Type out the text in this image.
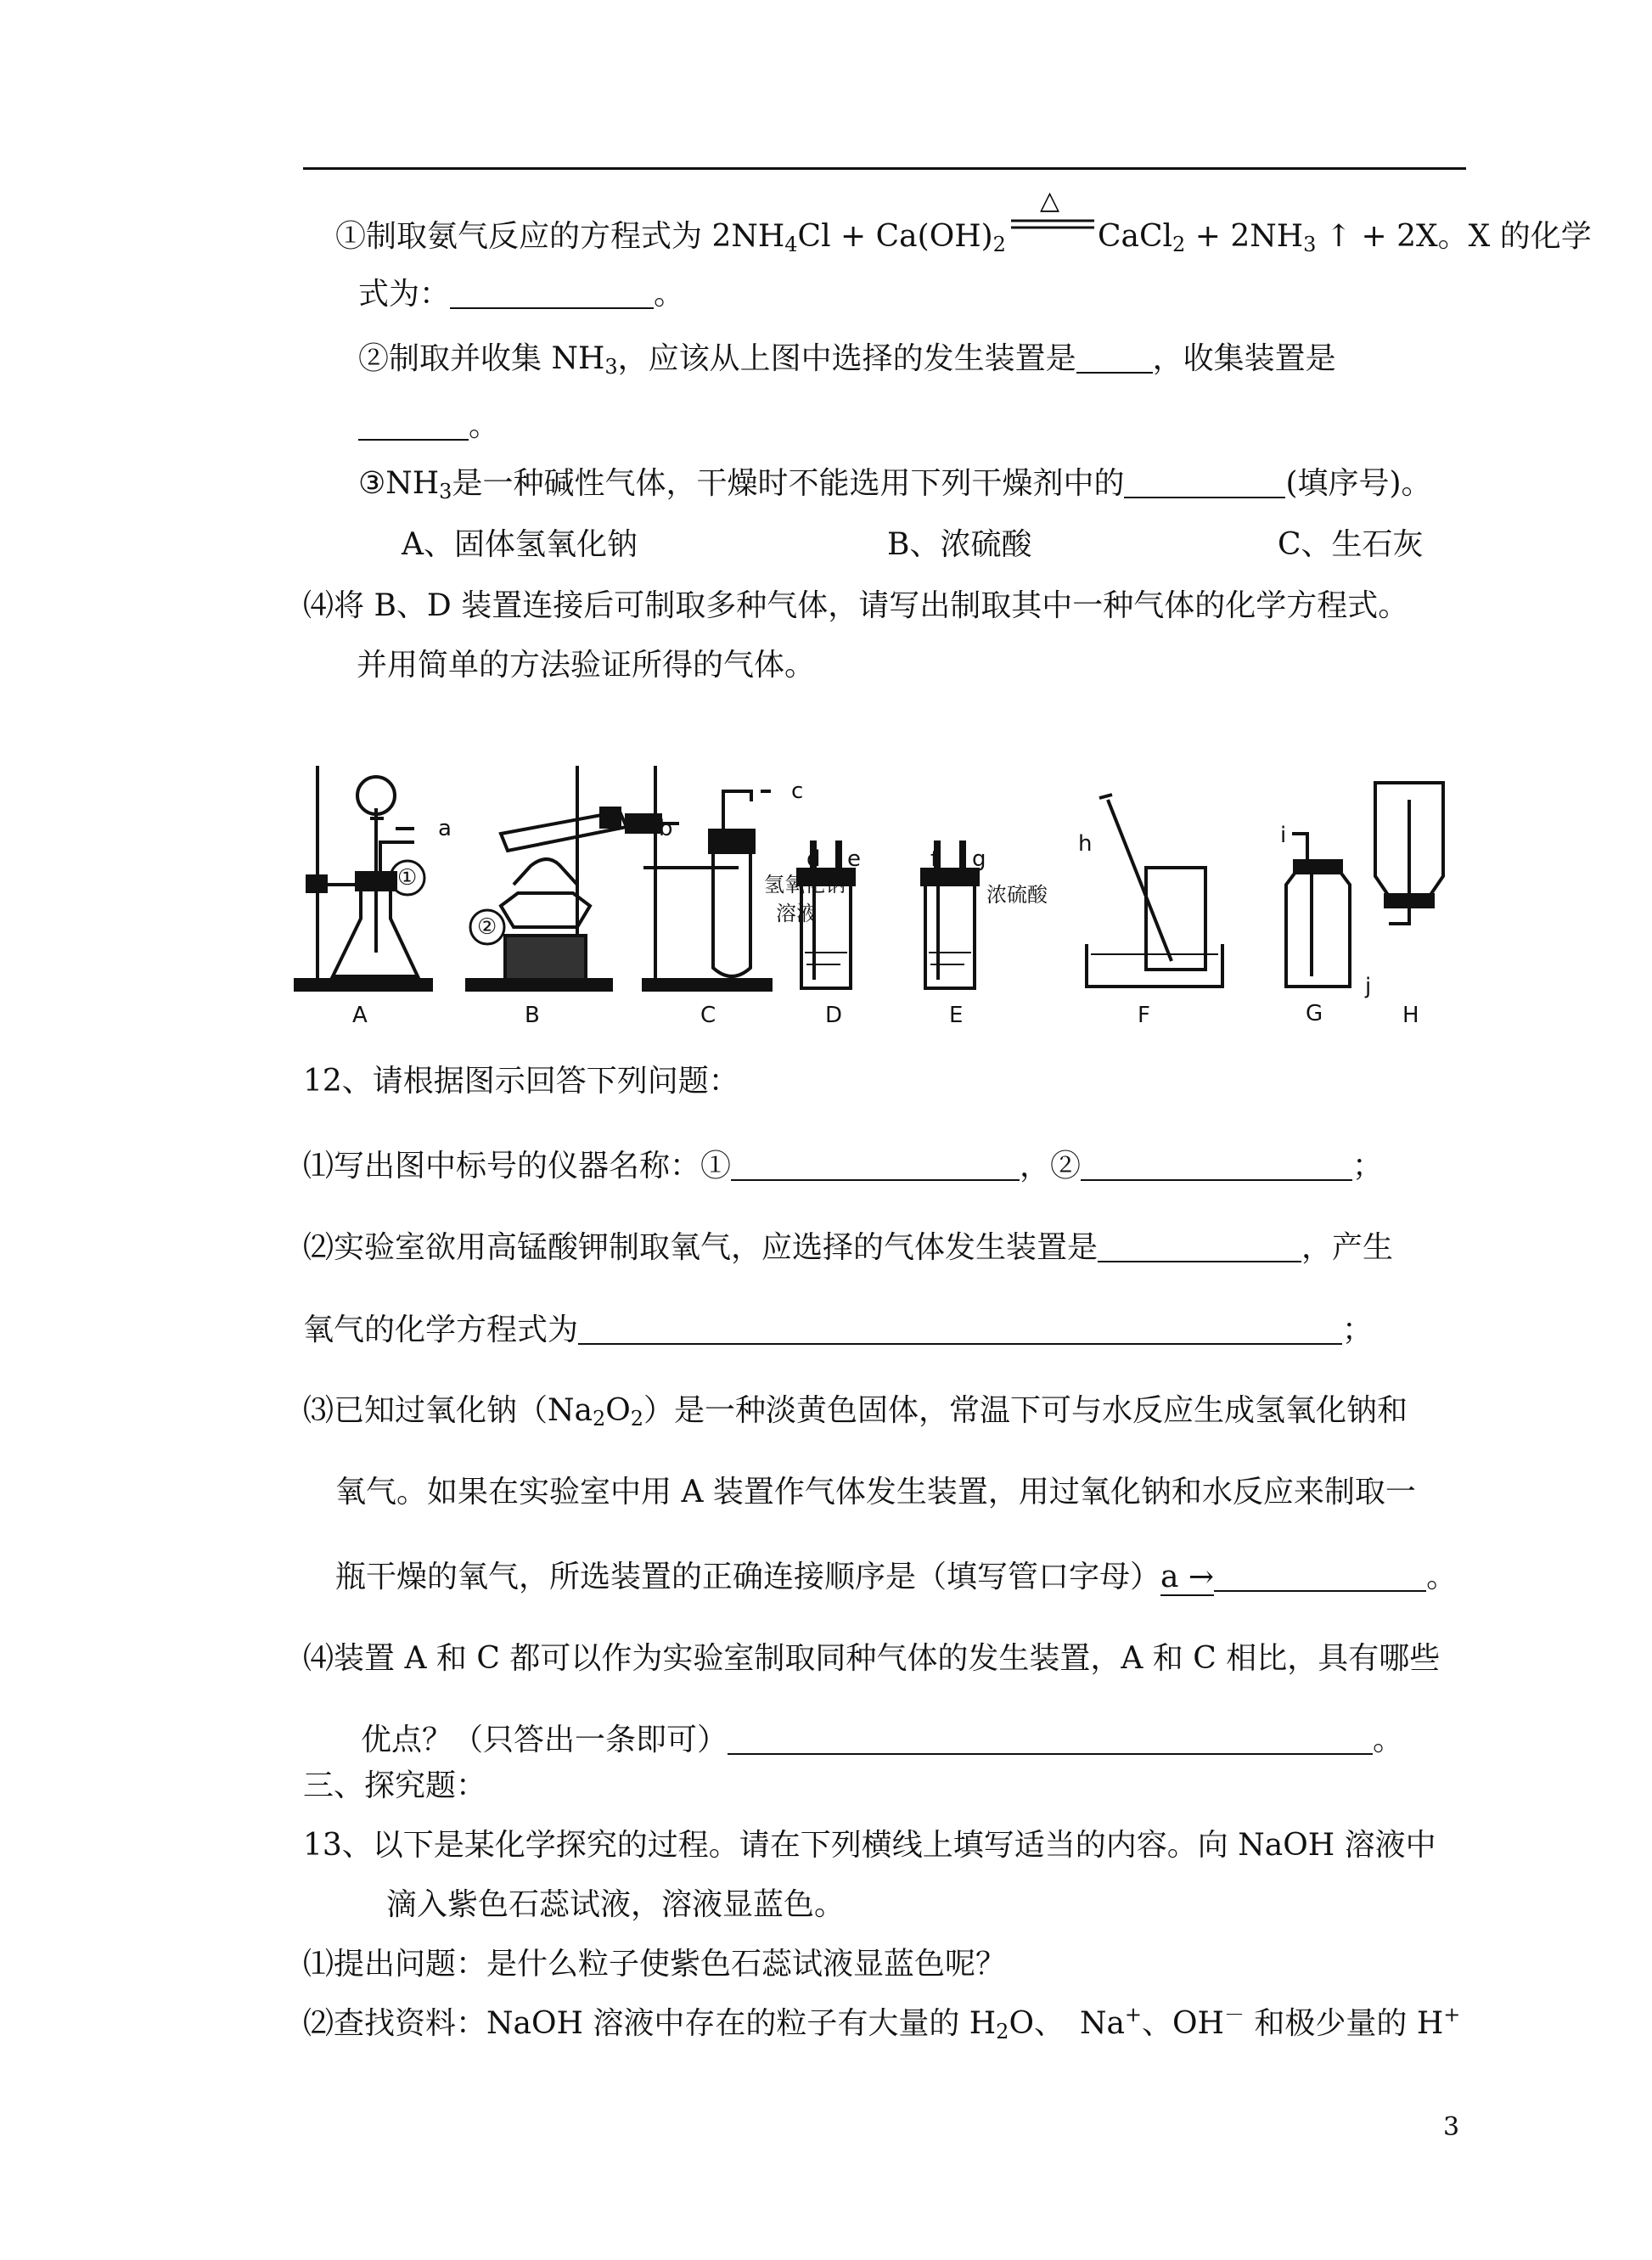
①制取氨气反应的方程式为 $2NH_4Cl + Ca(OH)_2$
△
CaCl$_2$ + $2NH_3$ ↑ + 2X。X 的化学
式为：	。
②制取并收集 $NH_3$，应该从上图中选择的发生装置是	，收集装置是
。
$③NH_3$是一种碱性气体，干燥时不能选用下列干燥剂中的	(填序号)。
A、固体氢氧化钠	B、浓硫酸	C、生石灰
⑷将 B、D 装置连接后可制取多种气体，请写出制取其中一种气体的化学方程式。
并用简单的方法验证所得的气体。
A	B	C	D	E	F	G	H
a	b
c
d e	f g
h	i
j
①
②
氢氧化钠
溶液
浓硫酸
12、请根据图示回答下列问题：
⑴写出图中标号的仪器名称：①	，②	；
⑵实验室欲用高锰酸钾制取氧气，应选择的气体发生装置是	，产生
氧气的化学方程式为	；
⑶已知过氧化钠$(Na_2O_2)$是一种淡黄色固体，常温下可与水反应生成氢氧化钠和
氧气。如果在实验室中用 A 装置作气体发生装置，用过氧化钠和水反应来制取一
瓶干燥的氧气，所选装置的正确连接顺序是（填写管口字母）a →	。
⑷装置 A 和 C 都可以作为实验室制取同种气体的发生装置，A 和 C 相比，具有哪些
优点？（只答出一条即可）	。
三、探究题：
13、以下是某化学探究的过程。请在下列横线上填写适当的内容。向 NaOH 溶液中
滴入紫色石蕊试液，溶液显蓝色。
⑴提出问题：是什么粒子使紫色石蕊试液显蓝色呢？
⑵查找资料：NaOH 溶液中存在的粒子有大量的 $H_2O$、　Na+、OH－ 和极少量的 H+
3
